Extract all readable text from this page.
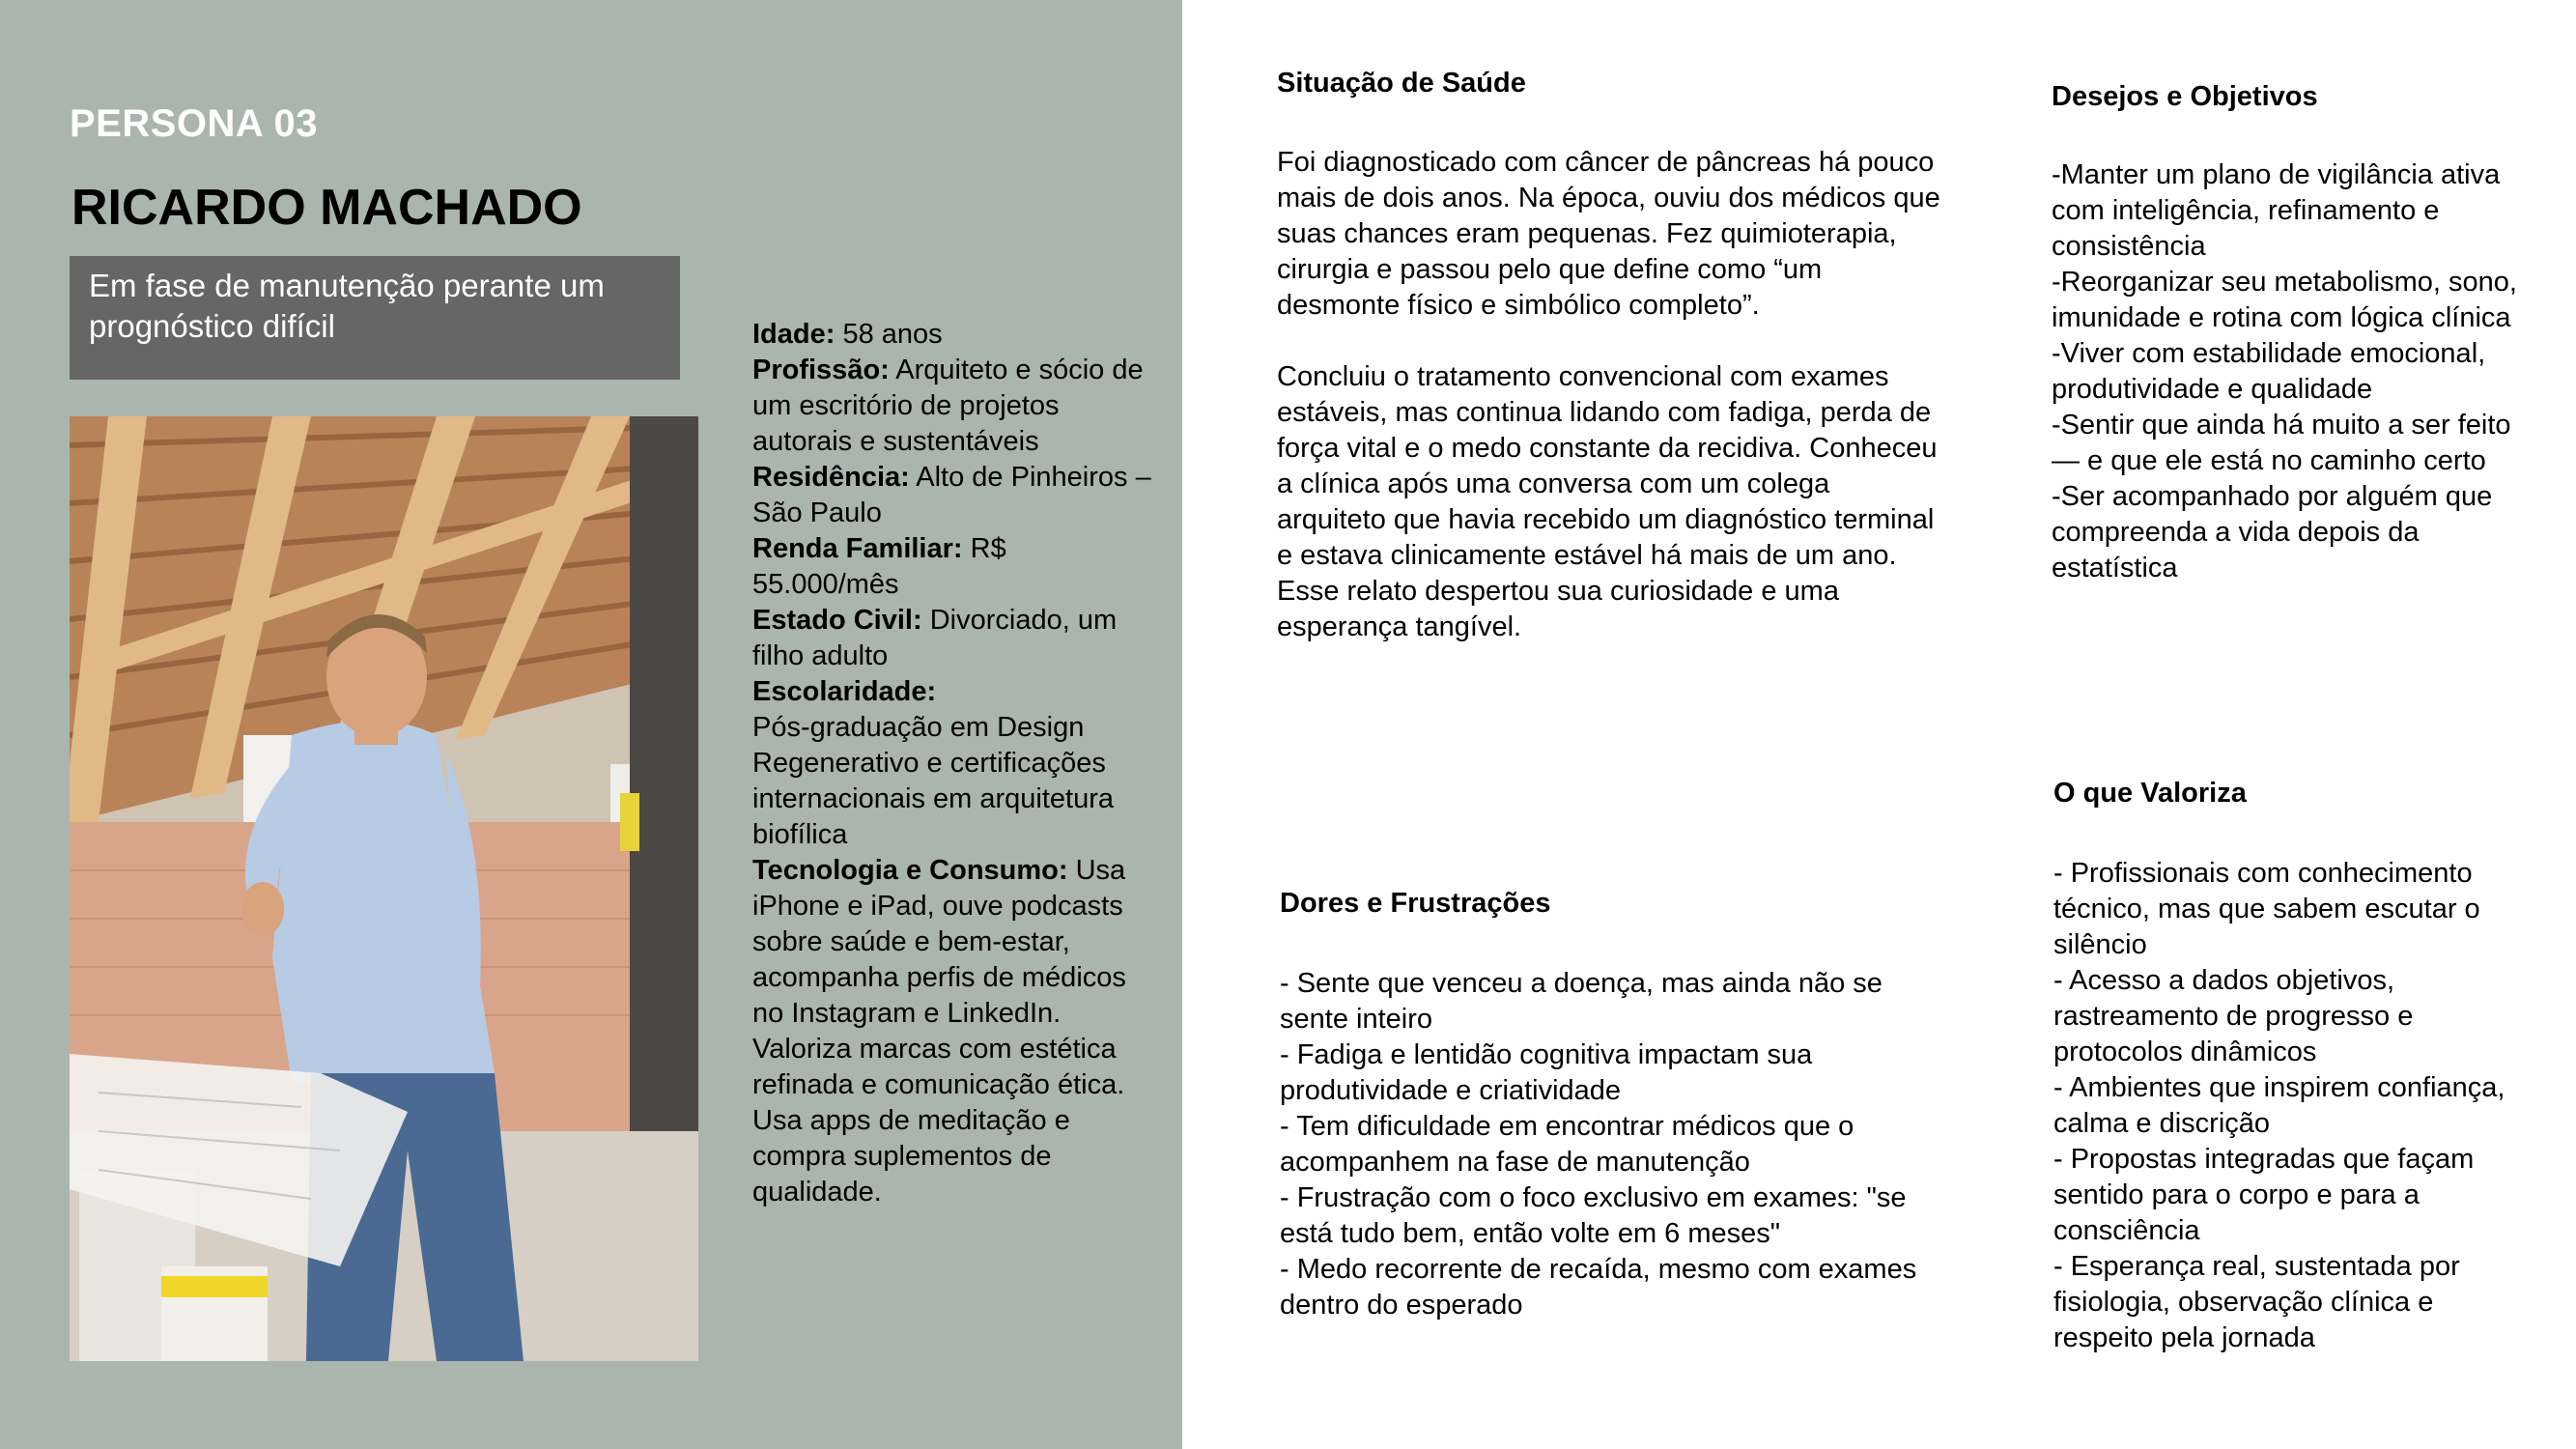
PERSONA 03
RICARDO MACHADO
Em fase de manutenção perante um prognóstico difícil	Idade: 58 anos
Profissão: Arquiteto e sócio de um escritório de projetos autorais e sustentáveis
Residência: Alto de Pinheiros – São Paulo
Renda Familiar: R$ 55.000/mês
Estado Civil: Divorciado, um filho adulto
Escolaridade:
Pós-graduação em Design Regenerativo e certificações internacionais em arquitetura biofílica
Tecnologia e Consumo: Usa iPhone e iPad, ouve podcasts sobre saúde e bem-estar, acompanha perfis de médicos no Instagram e LinkedIn. Valoriza marcas com estética refinada e comunicação ética. Usa apps de meditação e compra suplementos de qualidade.
Situação de Saúde

Foi diagnosticado com câncer de pâncreas há pouco mais de dois anos. Na época, ouviu dos médicos que suas chances eram pequenas. Fez quimioterapia, cirurgia e passou pelo que define como “um desmonte físico e simbólico completo”.

Concluiu o tratamento convencional com exames estáveis, mas continua lidando com fadiga, perda de força vital e o medo constante da recidiva. Conheceu a clínica após uma conversa com um colega arquiteto que havia recebido um diagnóstico terminal e estava clinicamente estável há mais de um ano. Esse relato despertou sua curiosidade e uma esperança tangível.

Dores e Frustrações
- Sente que venceu a doença, mas ainda não se sente inteiro
- Fadiga e lentidão cognitiva impactam sua produtividade e criatividade
- Tem dificuldade em encontrar médicos que o acompanhem na fase de manutenção
- Frustração com o foco exclusivo em exames: "se está tudo bem, então volte em 6 meses"
- Medo recorrente de recaída, mesmo com exames dentro do esperado
Desejos e Objetivos
-Manter um plano de vigilância ativa com inteligência, refinamento e consistência
-Reorganizar seu metabolismo, sono, imunidade e rotina com lógica clínica
-Viver com estabilidade emocional, produtividade e qualidade
-Sentir que ainda há muito a ser feito — e que ele está no caminho certo
-Ser acompanhado por alguém que compreenda a vida depois da estatística
O que Valoriza
- Profissionais com conhecimento técnico, mas que sabem escutar o silêncio
- Acesso a dados objetivos, rastreamento de progresso e protocolos dinâmicos
- Ambientes que inspirem confiança, calma e discrição
- Propostas integradas que façam sentido para o corpo e para a consciência
- Esperança real, sustentada por fisiologia, observação clínica e respeito pela jornada
